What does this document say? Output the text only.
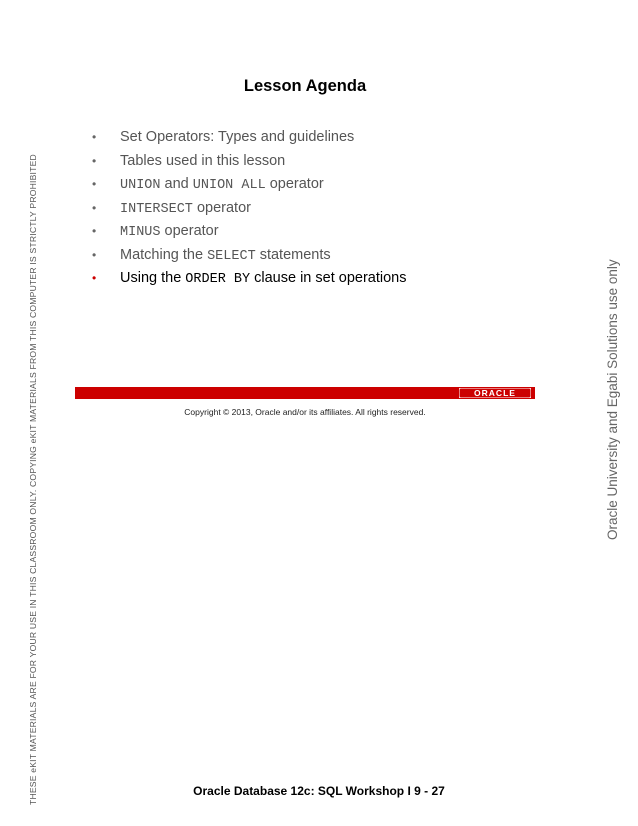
THESE eKIT MATERIALS ARE FOR YOUR USE IN THIS CLASSROOM ONLY. COPYING eKIT MATERIALS FROM THIS COMPUTER IS STRICTLY PROHIBITED	Oracle University and Egabi Solutions use only
Lesson Agenda
• Set Operators: Types and guidelines
• Tables used in this lesson
• UNION and UNION ALL operator
• INTERSECT operator
• MINUS operator
• Matching the SELECT statements
• Using the ORDER BY clause in set operations
ORACLE
Copyright © 2013, Oracle and/or its affiliates. All rights reserved.
Oracle Database 12c: SQL Workshop I 9 - 27
